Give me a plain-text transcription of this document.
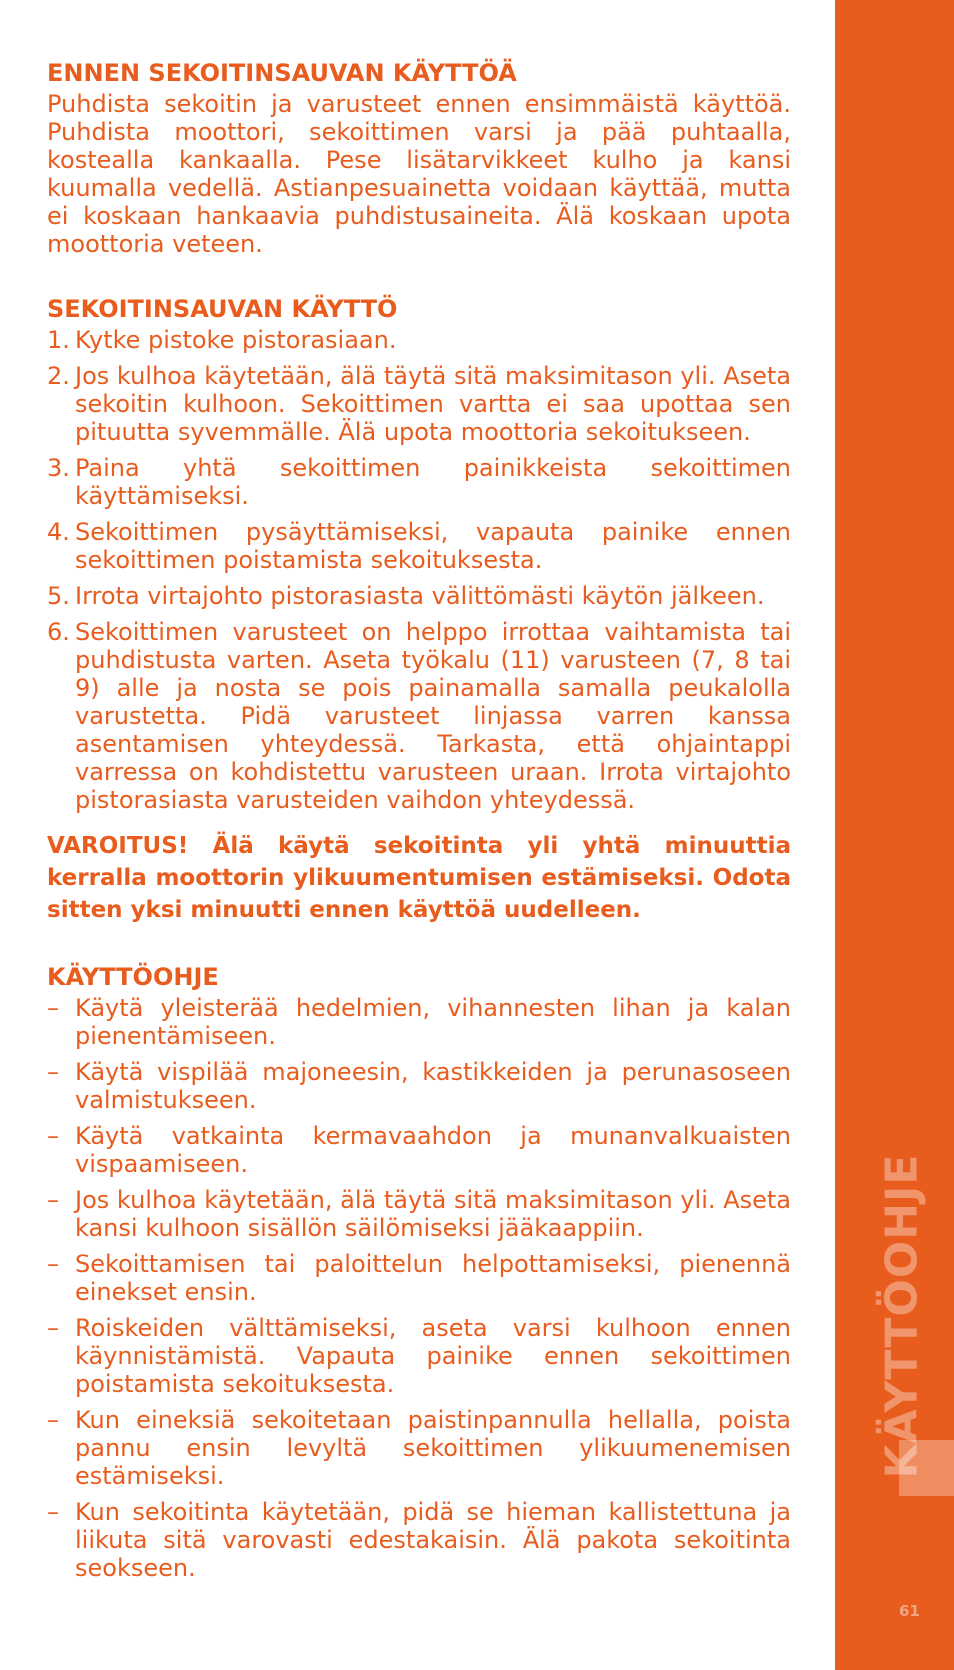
ENNEN SEKOITINSAUVAN KÄYTTÖÄ

Puhdista sekoitin ja varusteet ennen ensimmäistä käyttöä. Puhdista moottori, sekoittimen varsi ja pää puhtaalla, kostealla kankaalla. Pese lisätarvikkeet kulho ja kansi kuumalla vedellä. Astianpesuainetta voidaan käyttää, mutta ei koskaan hankaavia puhdistusaineita. Älä koskaan upota moottoria veteen.

SEKOITINSAUVAN KÄYTTÖ
1. Kytke pistoke pistorasiaan.
2. Jos kulhoa käytetään, älä täytä sitä maksimitason yli. Aseta sekoitin kulhoon. Sekoittimen vartta ei saa upottaa sen pituutta syvemmälle. Älä upota moottoria sekoitukseen.
3. Paina yhtä sekoittimen painikkeista sekoittimen käyttämiseksi.
4. Sekoittimen pysäyttämiseksi, vapauta painike ennen sekoittimen poistamista sekoituksesta.
5. Irrota virtajohto pistorasiasta välittömästi käytön jälkeen.
6. Sekoittimen varusteet on helppo irrottaa vaihtamista tai puhdistusta varten. Aseta työkalu (11) varusteen (7, 8 tai 9) alle ja nosta se pois painamalla samalla peukalolla varustetta. Pidä varusteet linjassa varren kanssa asentamisen yhteydessä. Tarkasta, että ohjaintappi varressa on kohdistettu varusteen uraan. Irrota virtajohto pistorasiasta varusteiden vaihdon yhteydessä.

VAROITUS! Älä käytä sekoitinta yli yhtä minuuttia kerralla moottorin ylikuumentumisen estämiseksi. Odota sitten yksi minuutti ennen käyttöä uudelleen.

KÄYTTÖOHJE
– Käytä yleisterää hedelmien, vihannesten lihan ja kalan pienentämiseen.
– Käytä vispilää majoneesin, kastikkeiden ja perunasoseen valmistukseen.
– Käytä vatkainta kermavaahdon ja munanvalkuaisten vispaamiseen.
– Jos kulhoa käytetään, älä täytä sitä maksimitason yli. Aseta kansi kulhoon sisällön säilömiseksi jääkaappiin.
– Sekoittamisen tai paloittelun helpottamiseksi, pienennä einekset ensin.
– Roiskeiden välttämiseksi, aseta varsi kulhoon ennen käynnistämistä. Vapauta painike ennen sekoittimen poistamista sekoituksesta.
– Kun eineksiä sekoitetaan paistinpannulla hellalla, poista pannu ensin levyltä sekoittimen ylikuumenemisen estämiseksi.
– Kun sekoitinta käytetään, pidä se hieman kallistettuna ja liikuta sitä varovasti edestakaisin. Älä pakota sekoitinta seokseen.
KÄYTTÖOHJE
61
